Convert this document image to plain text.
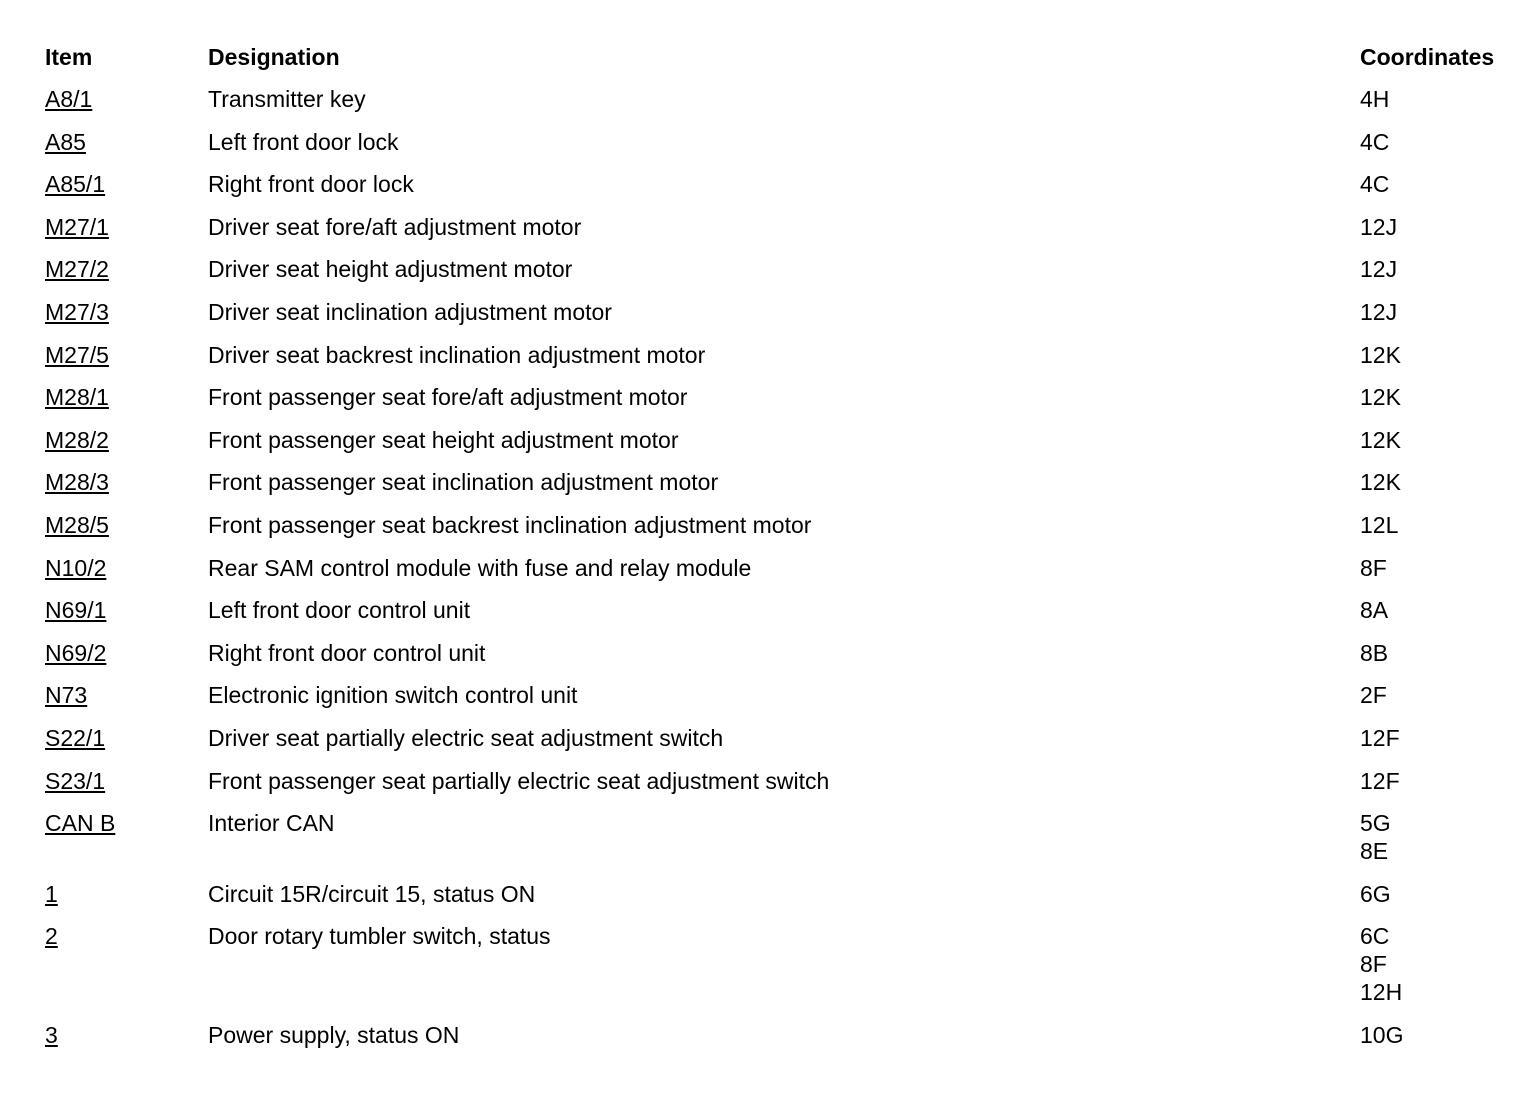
Item	Designation	Coordinates
A8/1	Transmitter key	4H
A85	Left front door lock	4C
A85/1	Right front door lock	4C
M27/1	Driver seat fore/aft adjustment motor	12J
M27/2	Driver seat height adjustment motor	12J
M27/3	Driver seat inclination adjustment motor	12J
M27/5	Driver seat backrest inclination adjustment motor	12K
M28/1	Front passenger seat fore/aft adjustment motor	12K
M28/2	Front passenger seat height adjustment motor	12K
M28/3	Front passenger seat inclination adjustment motor	12K
M28/5	Front passenger seat backrest inclination adjustment motor	12L
N10/2	Rear SAM control module with fuse and relay module	8F
N69/1	Left front door control unit	8A
N69/2	Right front door control unit	8B
N73	Electronic ignition switch control unit	2F
S22/1	Driver seat partially electric seat adjustment switch	12F
S23/1	Front passenger seat partially electric seat adjustment switch	12F
CAN B	Interior CAN	5G
8E
1	Circuit 15R/circuit 15, status ON	6G
2	Door rotary tumbler switch, status	6C
8F
12H
3	Power supply, status ON	10G
